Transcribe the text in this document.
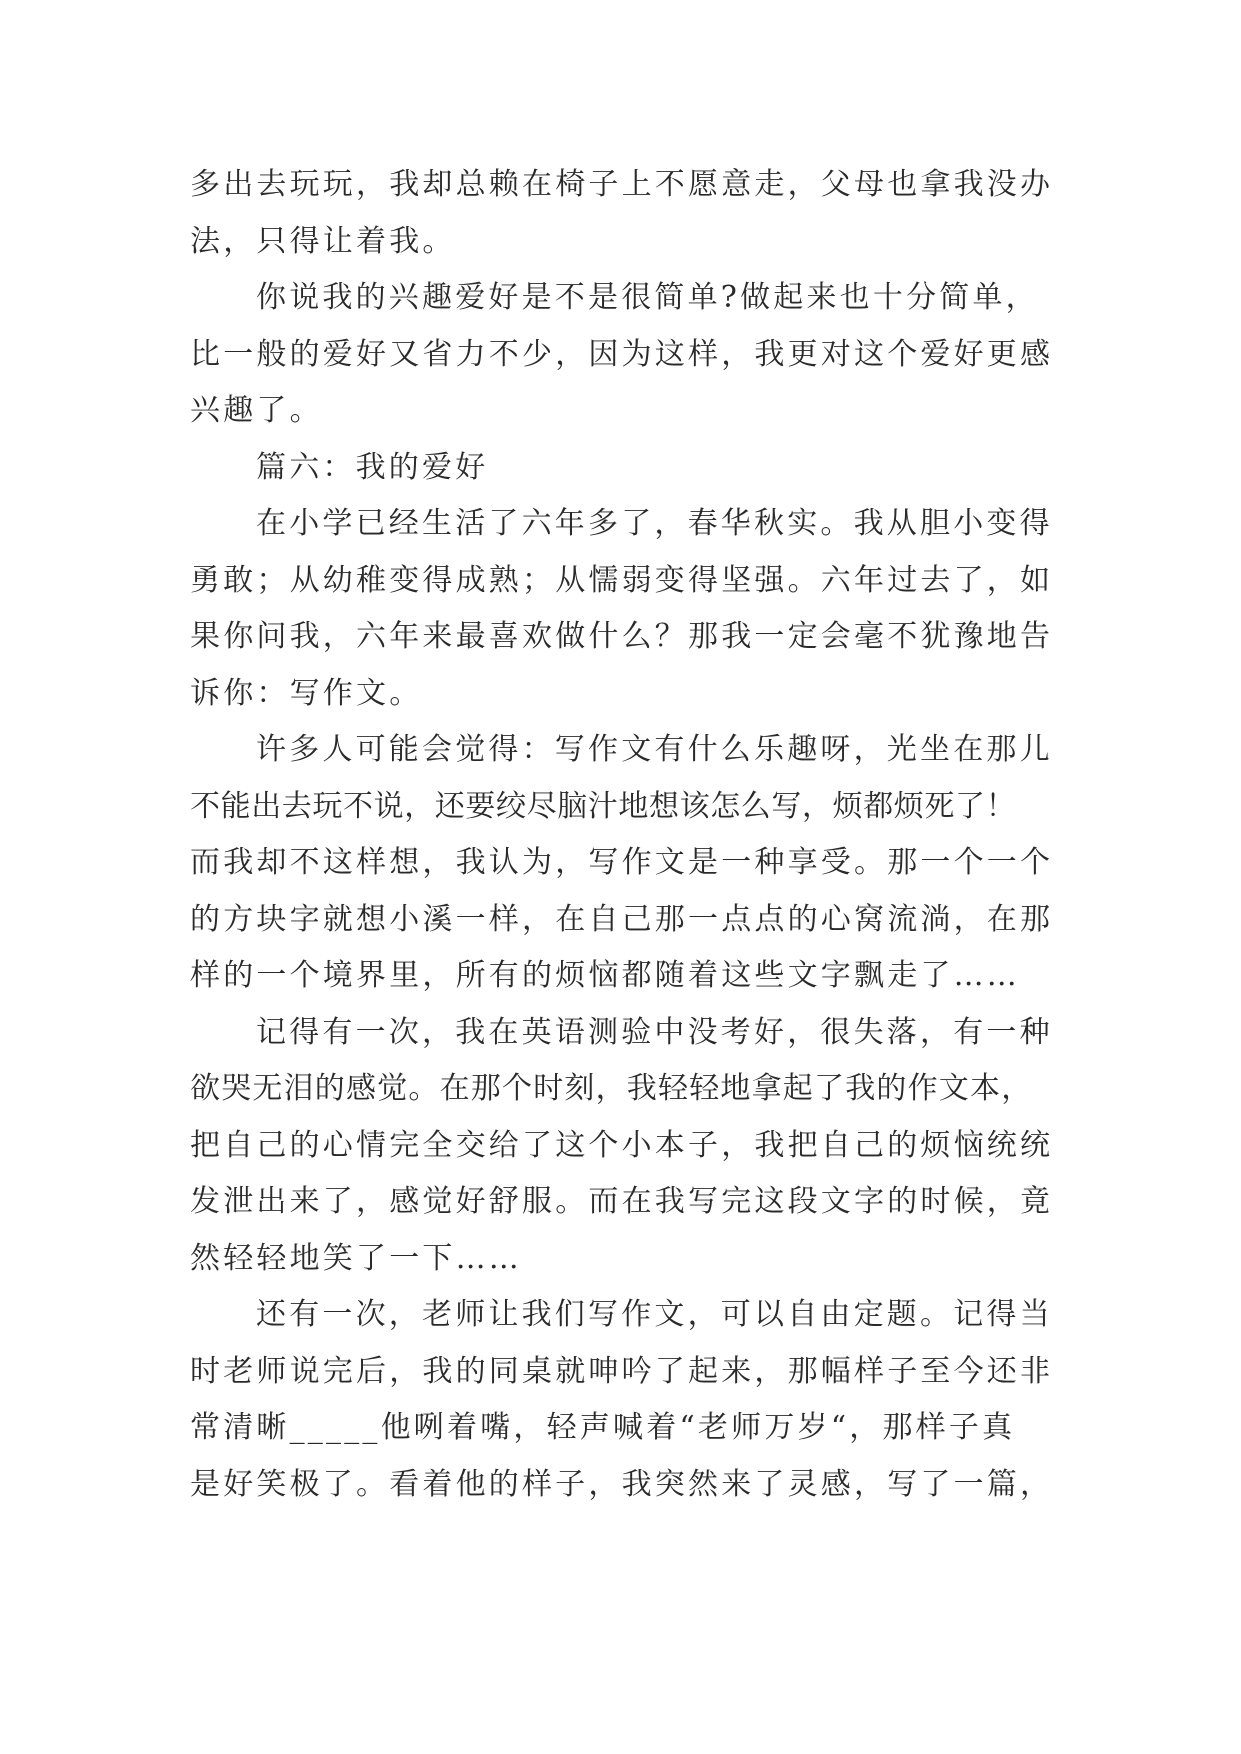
多出去玩玩，我却总赖在椅子上不愿意走，父母也拿我没办
法，只得让着我。
你说我的兴趣爱好是不是很简单?做起来也十分简单，
比一般的爱好又省力不少，因为这样，我更对这个爱好更感
兴趣了。
篇六：我的爱好
在小学已经生活了六年多了，春华秋实。我从胆小变得
勇敢；从幼稚变得成熟；从懦弱变得坚强。六年过去了，如
果你问我，六年来最喜欢做什么？那我一定会毫不犹豫地告
诉你：写作文。
许多人可能会觉得：写作文有什么乐趣呀，光坐在那儿
不能出去玩不说，还要绞尽脑汁地想该怎么写，烦都烦死了！
而我却不这样想，我认为，写作文是一种享受。那一个一个
的方块字就想小溪一样，在自己那一点点的心窝流淌，在那
样的一个境界里，所有的烦恼都随着这些文字飘走了……
记得有一次，我在英语测验中没考好，很失落，有一种
欲哭无泪的感觉。在那个时刻，我轻轻地拿起了我的作文本，
把自己的心情完全交给了这个小本子，我把自己的烦恼统统
发泄出来了，感觉好舒服。而在我写完这段文字的时候，竟
然轻轻地笑了一下……
还有一次，老师让我们写作文，可以自由定题。记得当
时老师说完后，我的同桌就呻吟了起来，那幅样子至今还非
常清晰_____他咧着嘴，轻声喊着“老师万岁“，那样子真
是好笑极了。看着他的样子，我突然来了灵感，写了一篇，
